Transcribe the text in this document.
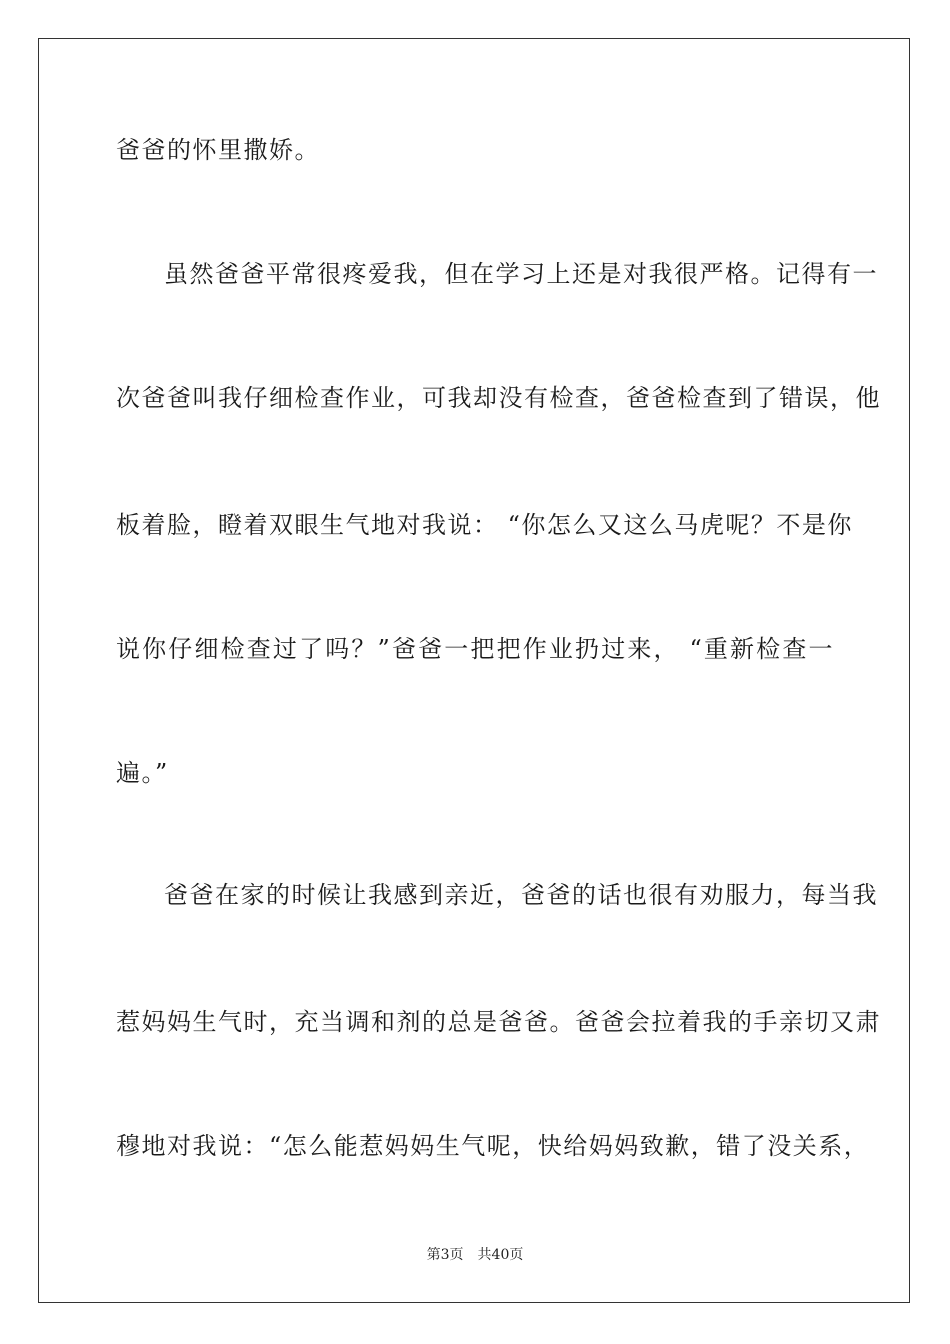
爸爸的怀里撒娇。
虽然爸爸平常很疼爱我，但在学习上还是对我很严格。记得有一
次爸爸叫我仔细检查作业，可我却没有检查，爸爸检查到了错误，他
板着脸，瞪着双眼生气地对我说： “你怎么又这么马虎呢？不是你
说你仔细检查过了吗？”爸爸一把把作业扔过来， “重新检查一
遍。”
爸爸在家的时候让我感到亲近，爸爸的话也很有劝服力，每当我
惹妈妈生气时，充当调和剂的总是爸爸。爸爸会拉着我的手亲切又肃
穆地对我说：“怎么能惹妈妈生气呢，快给妈妈致歉，错了没关系，
第3页 共40页
